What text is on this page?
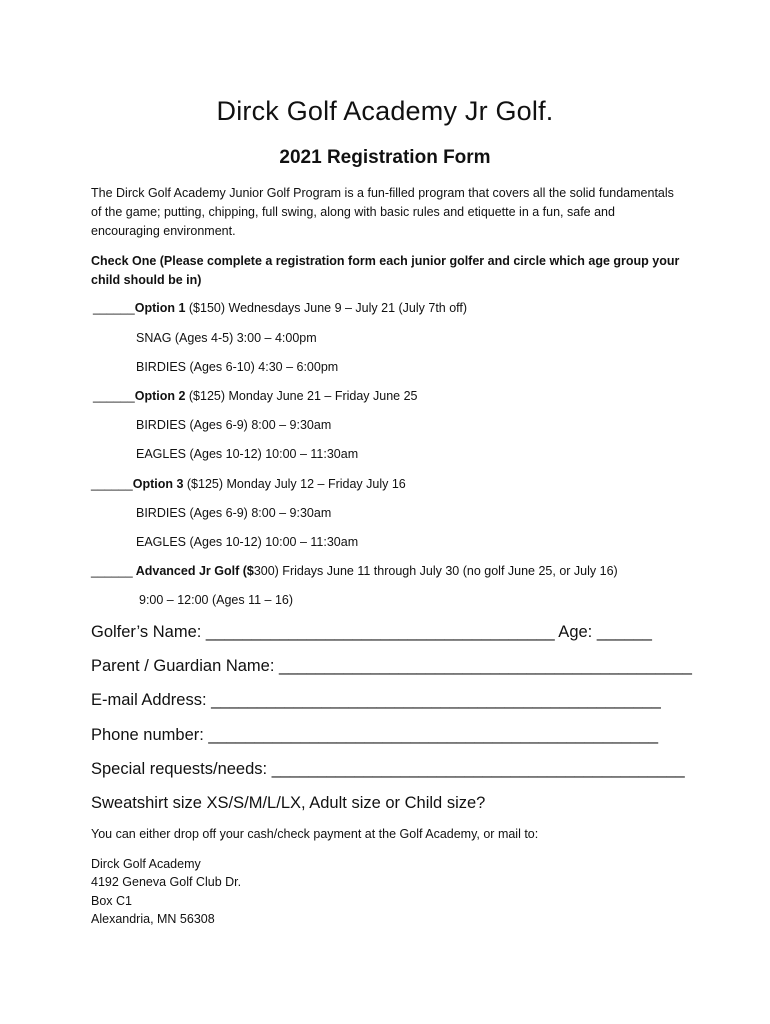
Dirck Golf Academy Jr Golf.
2021 Registration Form
The Dirck Golf Academy Junior Golf Program is a fun-filled program that covers all the solid fundamentals of the game; putting, chipping, full swing, along with basic rules and etiquette in a fun, safe and encouraging environment.
Check One (Please complete a registration form each junior golfer and circle which age group your child should be in)
______Option 1 ($150) Wednesdays June 9 – July 21 (July 7th off)
SNAG (Ages 4-5) 3:00 – 4:00pm
BIRDIES (Ages 6-10) 4:30 – 6:00pm
______Option 2 ($125) Monday June 21 – Friday June 25
BIRDIES (Ages 6-9) 8:00 – 9:30am
EAGLES (Ages 10-12) 10:00 – 11:30am
______Option 3 ($125) Monday July 12 – Friday July 16
BIRDIES (Ages 6-9) 8:00 – 9:30am
EAGLES (Ages 10-12) 10:00 – 11:30am
______ Advanced Jr Golf ($300) Fridays June 11 through July 30 (no golf June 25, or July 16)
9:00 – 12:00 (Ages 11 – 16)
Golfer’s Name: ______________________________________ Age: ______
Parent / Guardian Name: _____________________________________________
E-mail Address: _________________________________________________
Phone number: _________________________________________________
Special requests/needs: _____________________________________________
Sweatshirt size XS/S/M/L/LX, Adult size or Child size?
You can either drop off your cash/check payment at the Golf Academy, or mail to:
Dirck Golf Academy
4192 Geneva Golf Club Dr.
Box C1
Alexandria, MN 56308
